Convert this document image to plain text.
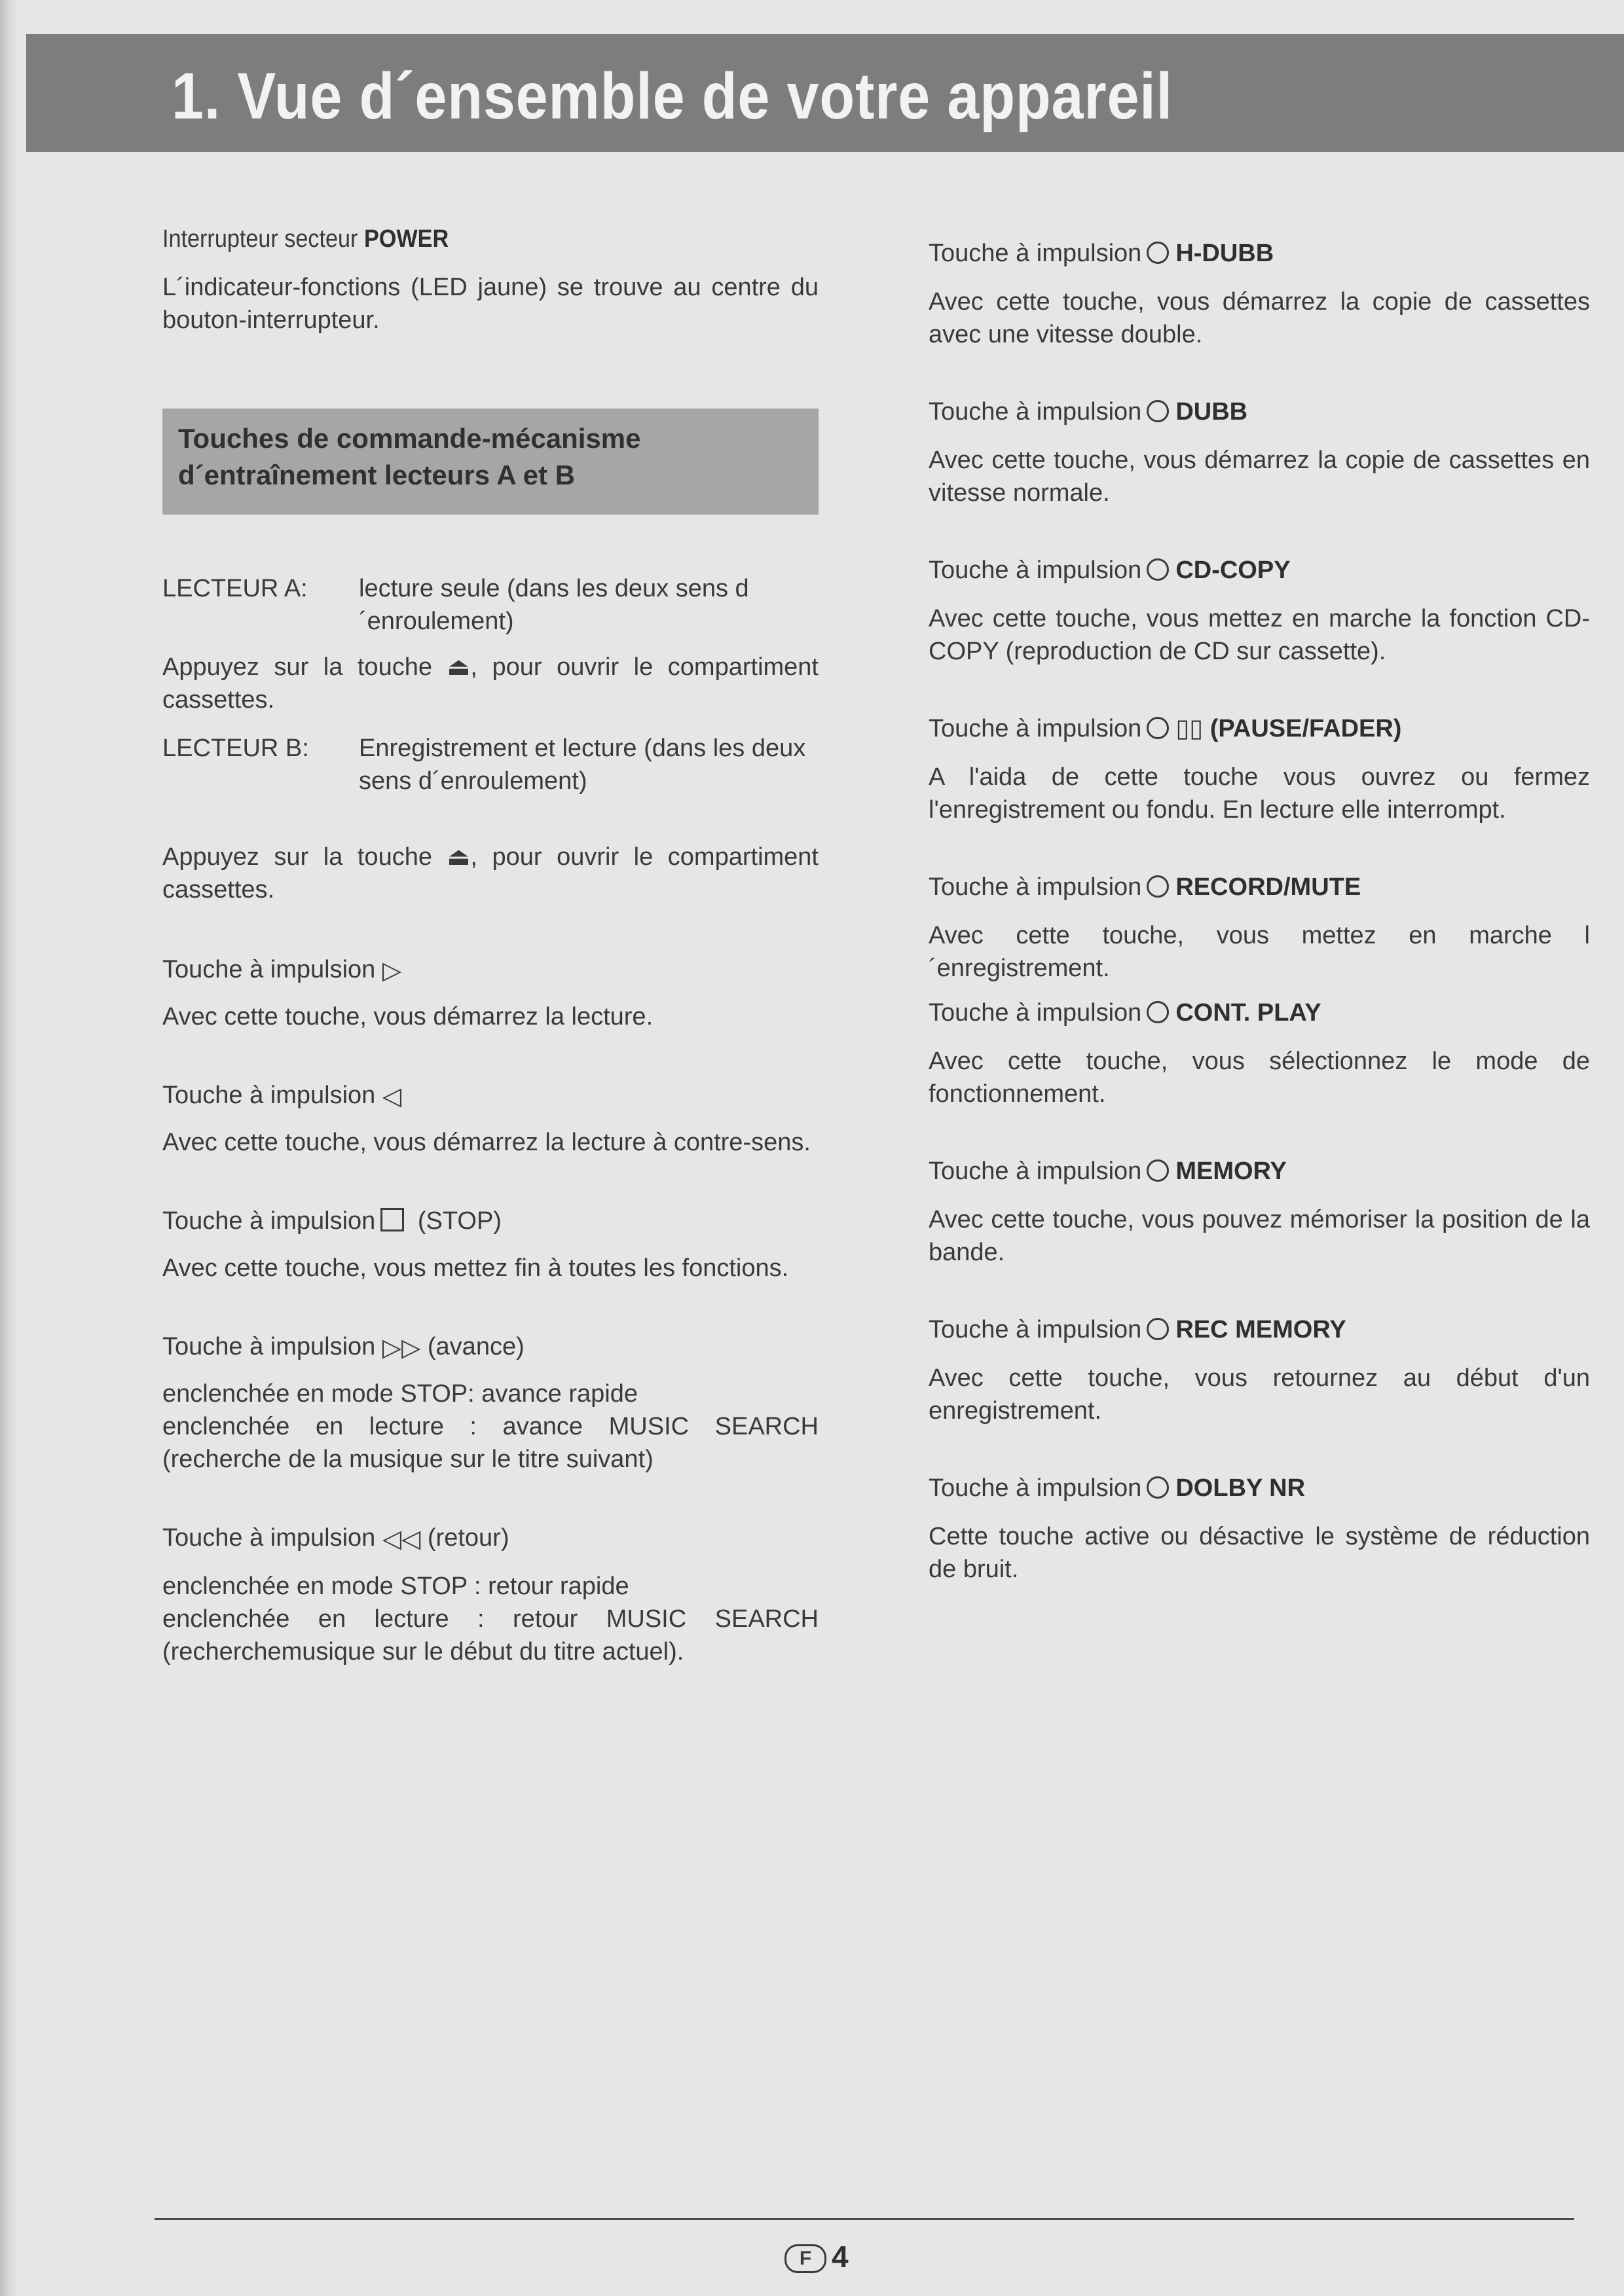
1. Vue d´ensemble de votre appareil
Interrupteur secteur POWER
L´indicateur-fonctions (LED jaune) se trouve au centre du bouton-interrupteur.
Touches de commande-mécanisme
d´entraînement lecteurs A et B
LECTEUR A:	lecture seule (dans les deux sens d´enroulement)
Appuyez sur la touche ⏏, pour ouvrir le compartiment cassettes.
LECTEUR B:	Enregistrement et lecture (dans les deux sens d´enroulement)
Appuyez sur la touche ⏏, pour ouvrir le compartiment cassettes.
Touche à impulsion ▷
Avec cette touche, vous démarrez la lecture.
Touche à impulsion ◁
Avec cette touche, vous démarrez la lecture à contre-sens.
Touche à impulsion (STOP)
Avec cette touche, vous mettez fin à toutes les fonctions.
Touche à impulsion ▷▷ (avance)
enclenchée en mode STOP: avance rapide
enclenchée en lecture : avance MUSIC SEARCH (recherche de la musique sur le titre suivant)
Touche à impulsion ◁◁ (retour)
enclenchée en mode STOP : retour rapide
enclenchée en lecture : retour MUSIC SEARCH (recherchemusique sur le début du titre actuel).
Touche à impulsion H-DUBB
Avec cette touche, vous démarrez la copie de cassettes avec une vitesse double.
Touche à impulsion DUBB
Avec cette touche, vous démarrez la copie de cassettes en vitesse normale.
Touche à impulsion CD-COPY
Avec cette touche, vous mettez en marche la fonction CD-COPY (reproduction de CD sur cassette).
Touche à impulsion ▯▯ (PAUSE/FADER)
A l'aida de cette touche vous ouvrez ou fermez l'enregistrement ou fondu. En lecture elle interrompt.
Touche à impulsion RECORD/MUTE
Avec cette touche, vous mettez en marche l´enregistrement.
Touche à impulsion CONT. PLAY
Avec cette touche, vous sélectionnez le mode de fonctionnement.
Touche à impulsion MEMORY
Avec cette touche, vous pouvez mémoriser la position de la bande.
Touche à impulsion REC MEMORY
Avec cette touche, vous retournez au début d'un enregistrement.
Touche à impulsion DOLBY NR
Cette touche active ou désactive le système de réduction de bruit.
F 4
